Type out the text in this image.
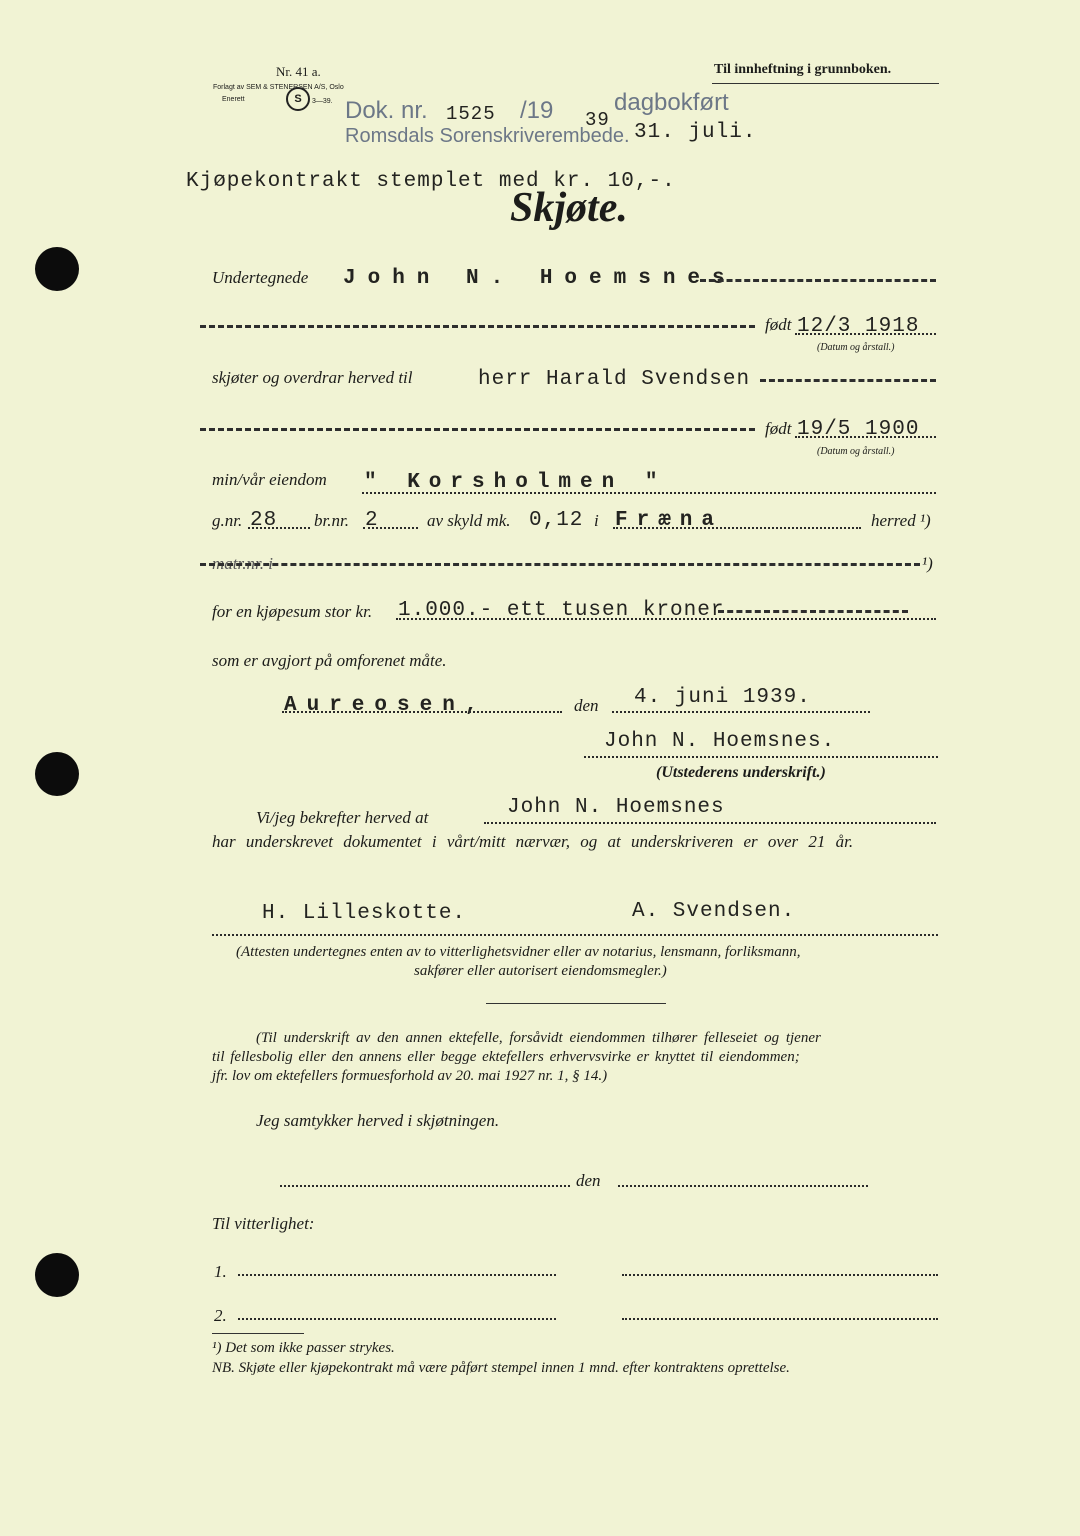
Nr. 41 a.
Forlagt av SEM & STENERSEN A/S, Oslo
Enerett	S	3—39.
Til innheftning i grunnboken.
Dok. nr. 1525 /19 39
dagbokført
Romsdals Sorenskriverembede. 31. juli.
Kjøpekontrakt stemplet med kr. 10,-.
Skjøte.
Undertegnede John N. Hoemsnes
født 12/3 1918
(Datum og årstall.)
skjøter og overdrar herved til	herr Harald Svendsen
født 19/5 1900
(Datum og årstall.)
min/vår eiendom " Korsholmen "
g.nr. 28 br.nr. 2	av skyld mk. 0,12 i Fræna	herred ¹)
matr.nr. i	¹)
for en kjøpesum stor kr. 1.000.- ett tusen kroner
som er avgjort på omforenet måte.
Aureosen,	den 4. juni 1939.
John N. Hoemsnes.
(Utstederens underskrift.)
Vi/jeg bekrefter herved at	John N. Hoemsnes
har underskrevet dokumentet i vårt/mitt nærvær, og at underskriveren er over 21 år.
H. Lilleskotte.	A. Svendsen.
(Attesten undertegnes enten av to vitterlighetsvidner eller av notarius, lensmann, forliksmann,
sakfører eller autorisert eiendomsmegler.)
(Til underskrift av den annen ektefelle, forsåvidt eiendommen tilhører felleseiet og tjener
til fellesbolig eller den annens eller begge ektefellers erhvervsvirke er knyttet til eiendommen;
jfr. lov om ektefellers formuesforhold av 20. mai 1927 nr. 1, § 14.)
Jeg samtykker herved i skjøtningen.
den
Til vitterlighet:
1.
2.
¹) Det som ikke passer strykes.
NB. Skjøte eller kjøpekontrakt må være påført stempel innen 1 mnd. efter kontraktens oprettelse.
